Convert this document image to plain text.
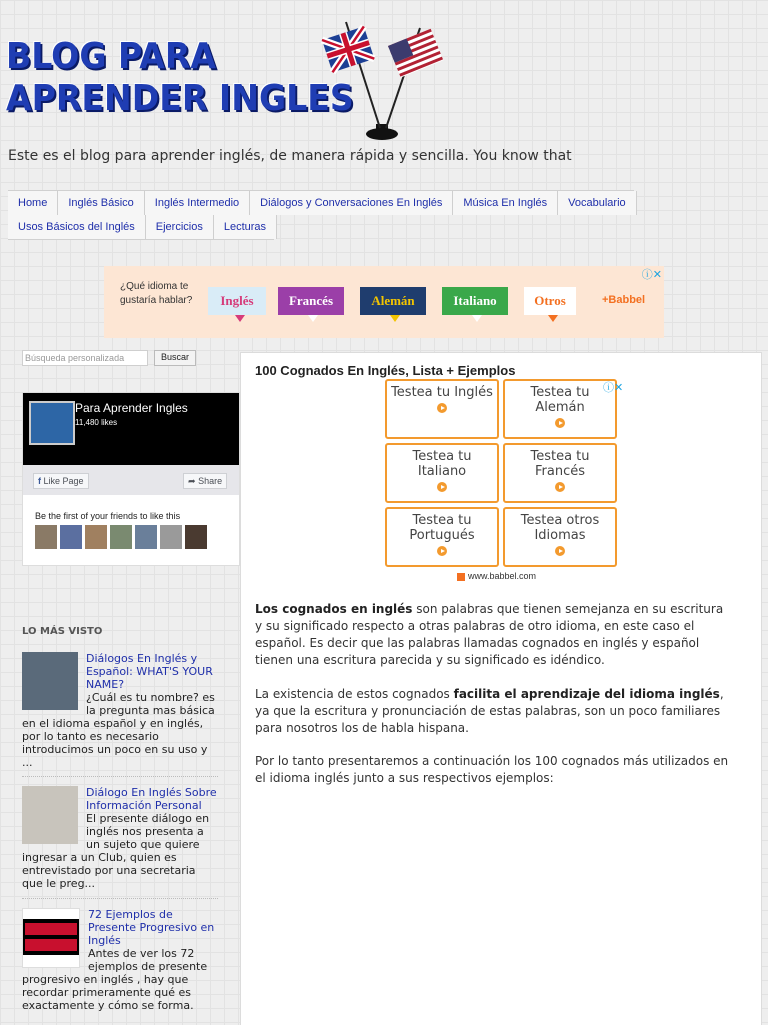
BLOG PARA
APRENDER INGLES
Este es el blog para aprender inglés, de manera rápida y sencilla. You know that
Home	Inglés Básico	Inglés Intermedio	Diálogos y Conversaciones En Inglés	Música En Inglés	Vocabulario
Usos Básicos del Inglés	Ejercicios	Lecturas
¿Qué idioma te gustaría hablar?	Inglés	Francés	Alemán	Italiano	Otros	+Babbel
ⓘ✕
Búsqueda personalizada	Buscar
Para Aprender Ingles
11,480 likes
f Like Page	➦ Share
Be the first of your friends to like this
LO MÁS VISTO
Diálogos En Inglés y Español: WHAT'S YOUR NAME?
¿Cuál es tu nombre? es la pregunta mas básica en el idioma español y en inglés, por lo tanto es necesario introducimos un poco en su uso y ...
Diálogo En Inglés Sobre Información Personal
El presente diálogo en inglés nos presenta a un sujeto que quiere ingresar a un Club, quien es entrevistado por una secretaria que le preg...
72 Ejemplos de Presente Progresivo en Inglés
Antes de ver los 72 ejemplos de presente progresivo en inglés , hay que recordar primeramente qué es exactamente y cómo se forma.
100 Cognados En Inglés, Lista + Ejemplos
Testea tu Inglés	Testea tu Alemán
Testea tu Italiano
Testea tu Francés
Testea tu Portugués
Testea otros Idiomas
ⓘ✕
www.babbel.com
Los cognados en inglés son palabras que tienen semejanza en su escritura y su significado respecto a otras palabras de otro idioma, en este caso el español. Es decir que las palabras llamadas cognados en inglés y español tienen una escritura parecida y su significado es idéndico.
La existencia de estos cognados facilita el aprendizaje del idioma inglés, ya que la escritura y pronunciación de estas palabras, son un poco familiares para nosotros los de habla hispana.
Por lo tanto presentaremos a continuación los 100 cognados más utilizados en el idioma inglés junto a sus respectivos ejemplos:
